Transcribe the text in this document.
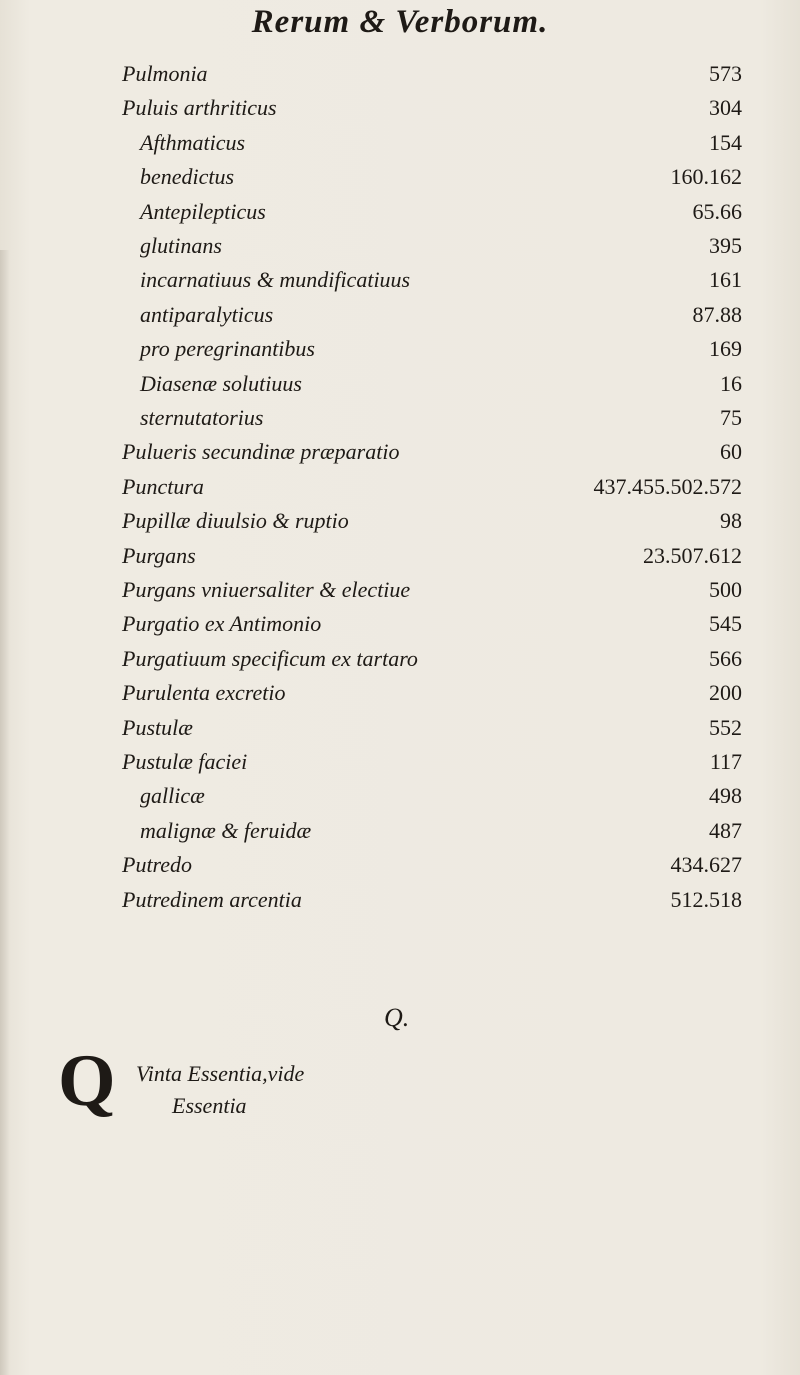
Rerum & Verborum.
Pulmonia	573
Puluis arthriticus	304
Afthmaticus	154
benedictus	160.162
Antepilepticus	65.66
glutinans	395
incarnatiuus & mundificatiuus	161
antiparalyticus	87.88
pro peregrinantibus	169
Diasenæ solutiuus	16
sternutatorius	75
Pulueris secundinæ præparatio	60
Punctura	437.455.502.572
Pupillæ diuulsio & ruptio	98
Purgans	23.507.612
Purgans vniuersaliter & electiue	500
Purgatio ex Antimonio	545
Purgatiuum specificum ex tartaro	566
Purulenta excretio	200
Pustulæ	552
Pustulæ faciei	117
gallicæ	498
malignæ & feruidæ	487
Putredo	434.627
Putredinem arcentia	512.518
Q.
Q Vinta Essentia,vide
Essentia
